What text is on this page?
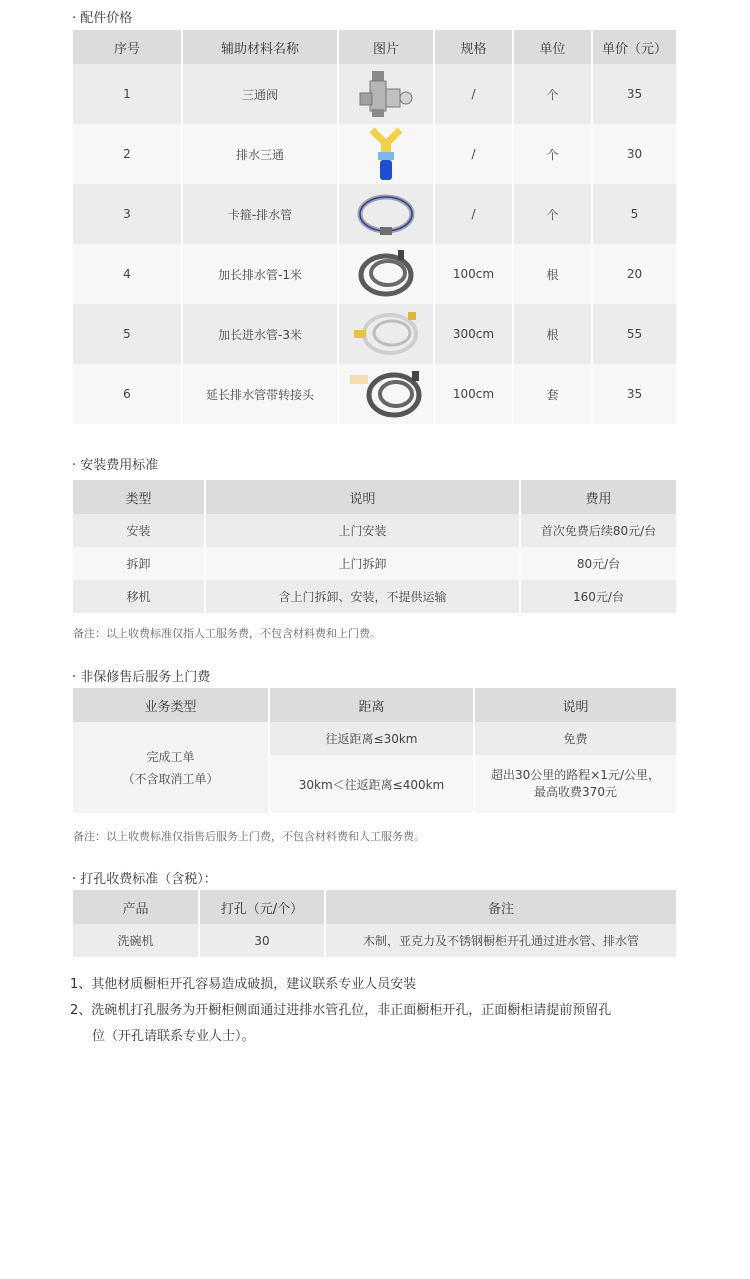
· 配件价格
序号	辅助材料名称	图片	规格	单位	单价（元）
1	三通阀		/	个	35
2	排水三通		/	个	30
3	卡箍-排水管		/	个	5
4	加长排水管-1米		100cm	根	20
5	加长进水管-3米		300cm	根	55
6	延长排水管带转接头		100cm	套	35
· 安装费用标准
类型	说明	费用
安装	上门安装	首次免费后续80元/台
拆卸	上门拆卸	80元/台
移机	含上门拆卸、安装，不提供运输	160元/台
备注：以上收费标准仅指人工服务费，不包含材料费和上门费。
· 非保修售后服务上门费
业务类型	距离	说明

完成工单
（不含取消工单）	往返距离≤30km	免费
	30km＜往返距离≤400km	超出30公里的路程×1元/公里，
最高收费370元
备注：以上收费标准仅指售后服务上门费，不包含材料费和人工服务费。
· 打孔收费标准（含税）：
产品	打孔（元/个）	备注
洗碗机	30	木制，亚克力及不锈钢橱柜开孔通过进水管、排水管
1、其他材质橱柜开孔容易造成破损，建议联系专业人员安装
2、洗碗机打孔服务为开橱柜侧面通过进排水管孔位，非正面橱柜开孔，正面橱柜请提前预留孔
位（开孔请联系专业人士）。
